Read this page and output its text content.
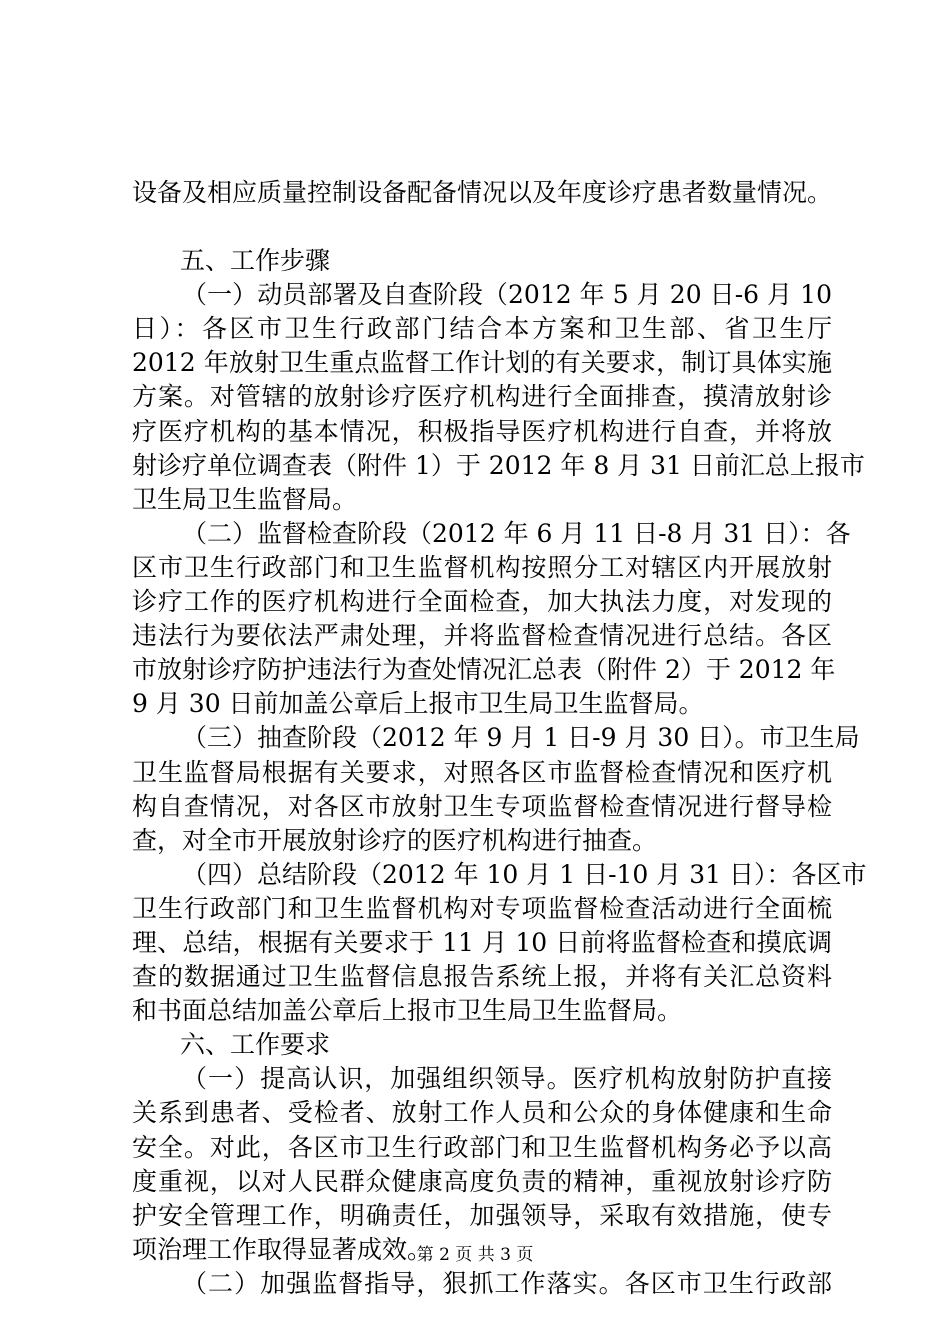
设备及相应质量控制设备配备情况以及年度诊疗患者数量情况。
五、工作步骤
（一）动员部署及自查阶段（2012 年 5 月 20 日-6 月 10
日）：各区市卫生行政部门结合本方案和卫生部、省卫生厅
2012 年放射卫生重点监督工作计划的有关要求，制订具体实施
方案。对管辖的放射诊疗医疗机构进行全面排查，摸清放射诊
疗医疗机构的基本情况，积极指导医疗机构进行自查，并将放
射诊疗单位调查表（附件 1）于 2012 年 8 月 31 日前汇总上报市
卫生局卫生监督局。
（二）监督检查阶段（2012 年 6 月 11 日-8 月 31 日）：各
区市卫生行政部门和卫生监督机构按照分工对辖区内开展放射
诊疗工作的医疗机构进行全面检查，加大执法力度，对发现的
违法行为要依法严肃处理，并将监督检查情况进行总结。各区
市放射诊疗防护违法行为查处情况汇总表（附件 2）于 2012 年
9 月 30 日前加盖公章后上报市卫生局卫生监督局。
（三）抽查阶段（2012 年 9 月 1 日-9 月 30 日）。市卫生局
卫生监督局根据有关要求，对照各区市监督检查情况和医疗机
构自查情况，对各区市放射卫生专项监督检查情况进行督导检
查，对全市开展放射诊疗的医疗机构进行抽查。
（四）总结阶段（2012 年 10 月 1 日-10 月 31 日）：各区市
卫生行政部门和卫生监督机构对专项监督检查活动进行全面梳
理、总结，根据有关要求于 11 月 10 日前将监督检查和摸底调
查的数据通过卫生监督信息报告系统上报，并将有关汇总资料
和书面总结加盖公章后上报市卫生局卫生监督局。
六、工作要求
（一）提高认识，加强组织领导。医疗机构放射防护直接
关系到患者、受检者、放射工作人员和公众的身体健康和生命
安全。对此，各区市卫生行政部门和卫生监督机构务必予以高
度重视，以对人民群众健康高度负责的精神，重视放射诊疗防
护安全管理工作，明确责任，加强领导，采取有效措施，使专
项治理工作取得显著成效。
（二）加强监督指导，狠抓工作落实。各区市卫生行政部
第 2 页 共 3 页
